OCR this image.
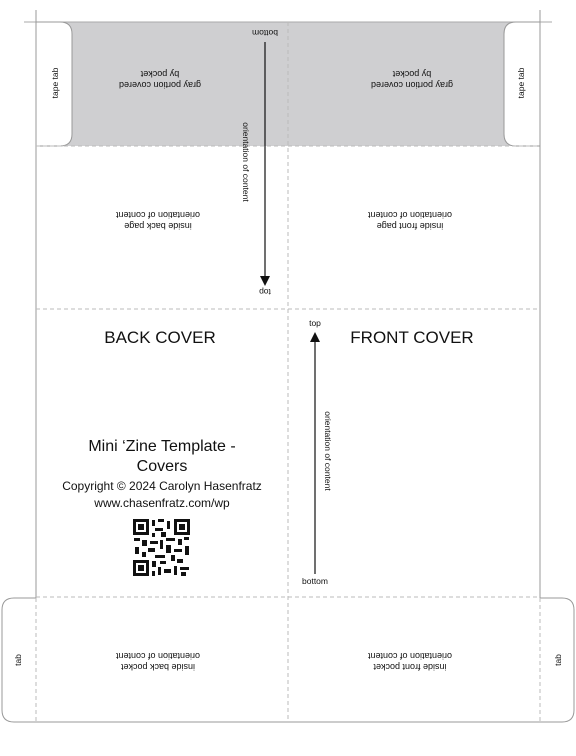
gray portion covered
by pocket
gray portion covered
by pocket
tape tab	tape tab
bottom
top
orientation of content
inside back page
orientation of content
inside front page
orientation of content
BACK COVER	FRONT COVER
top
bottom
orientation of content
Mini ‘Zine Template -
Covers
Copyright © 2024 Carolyn Hasenfratz
www.chasenfratz.com/wp
inside back pocket
orientation of content
inside front pocket
orientation of content
tab	tab
